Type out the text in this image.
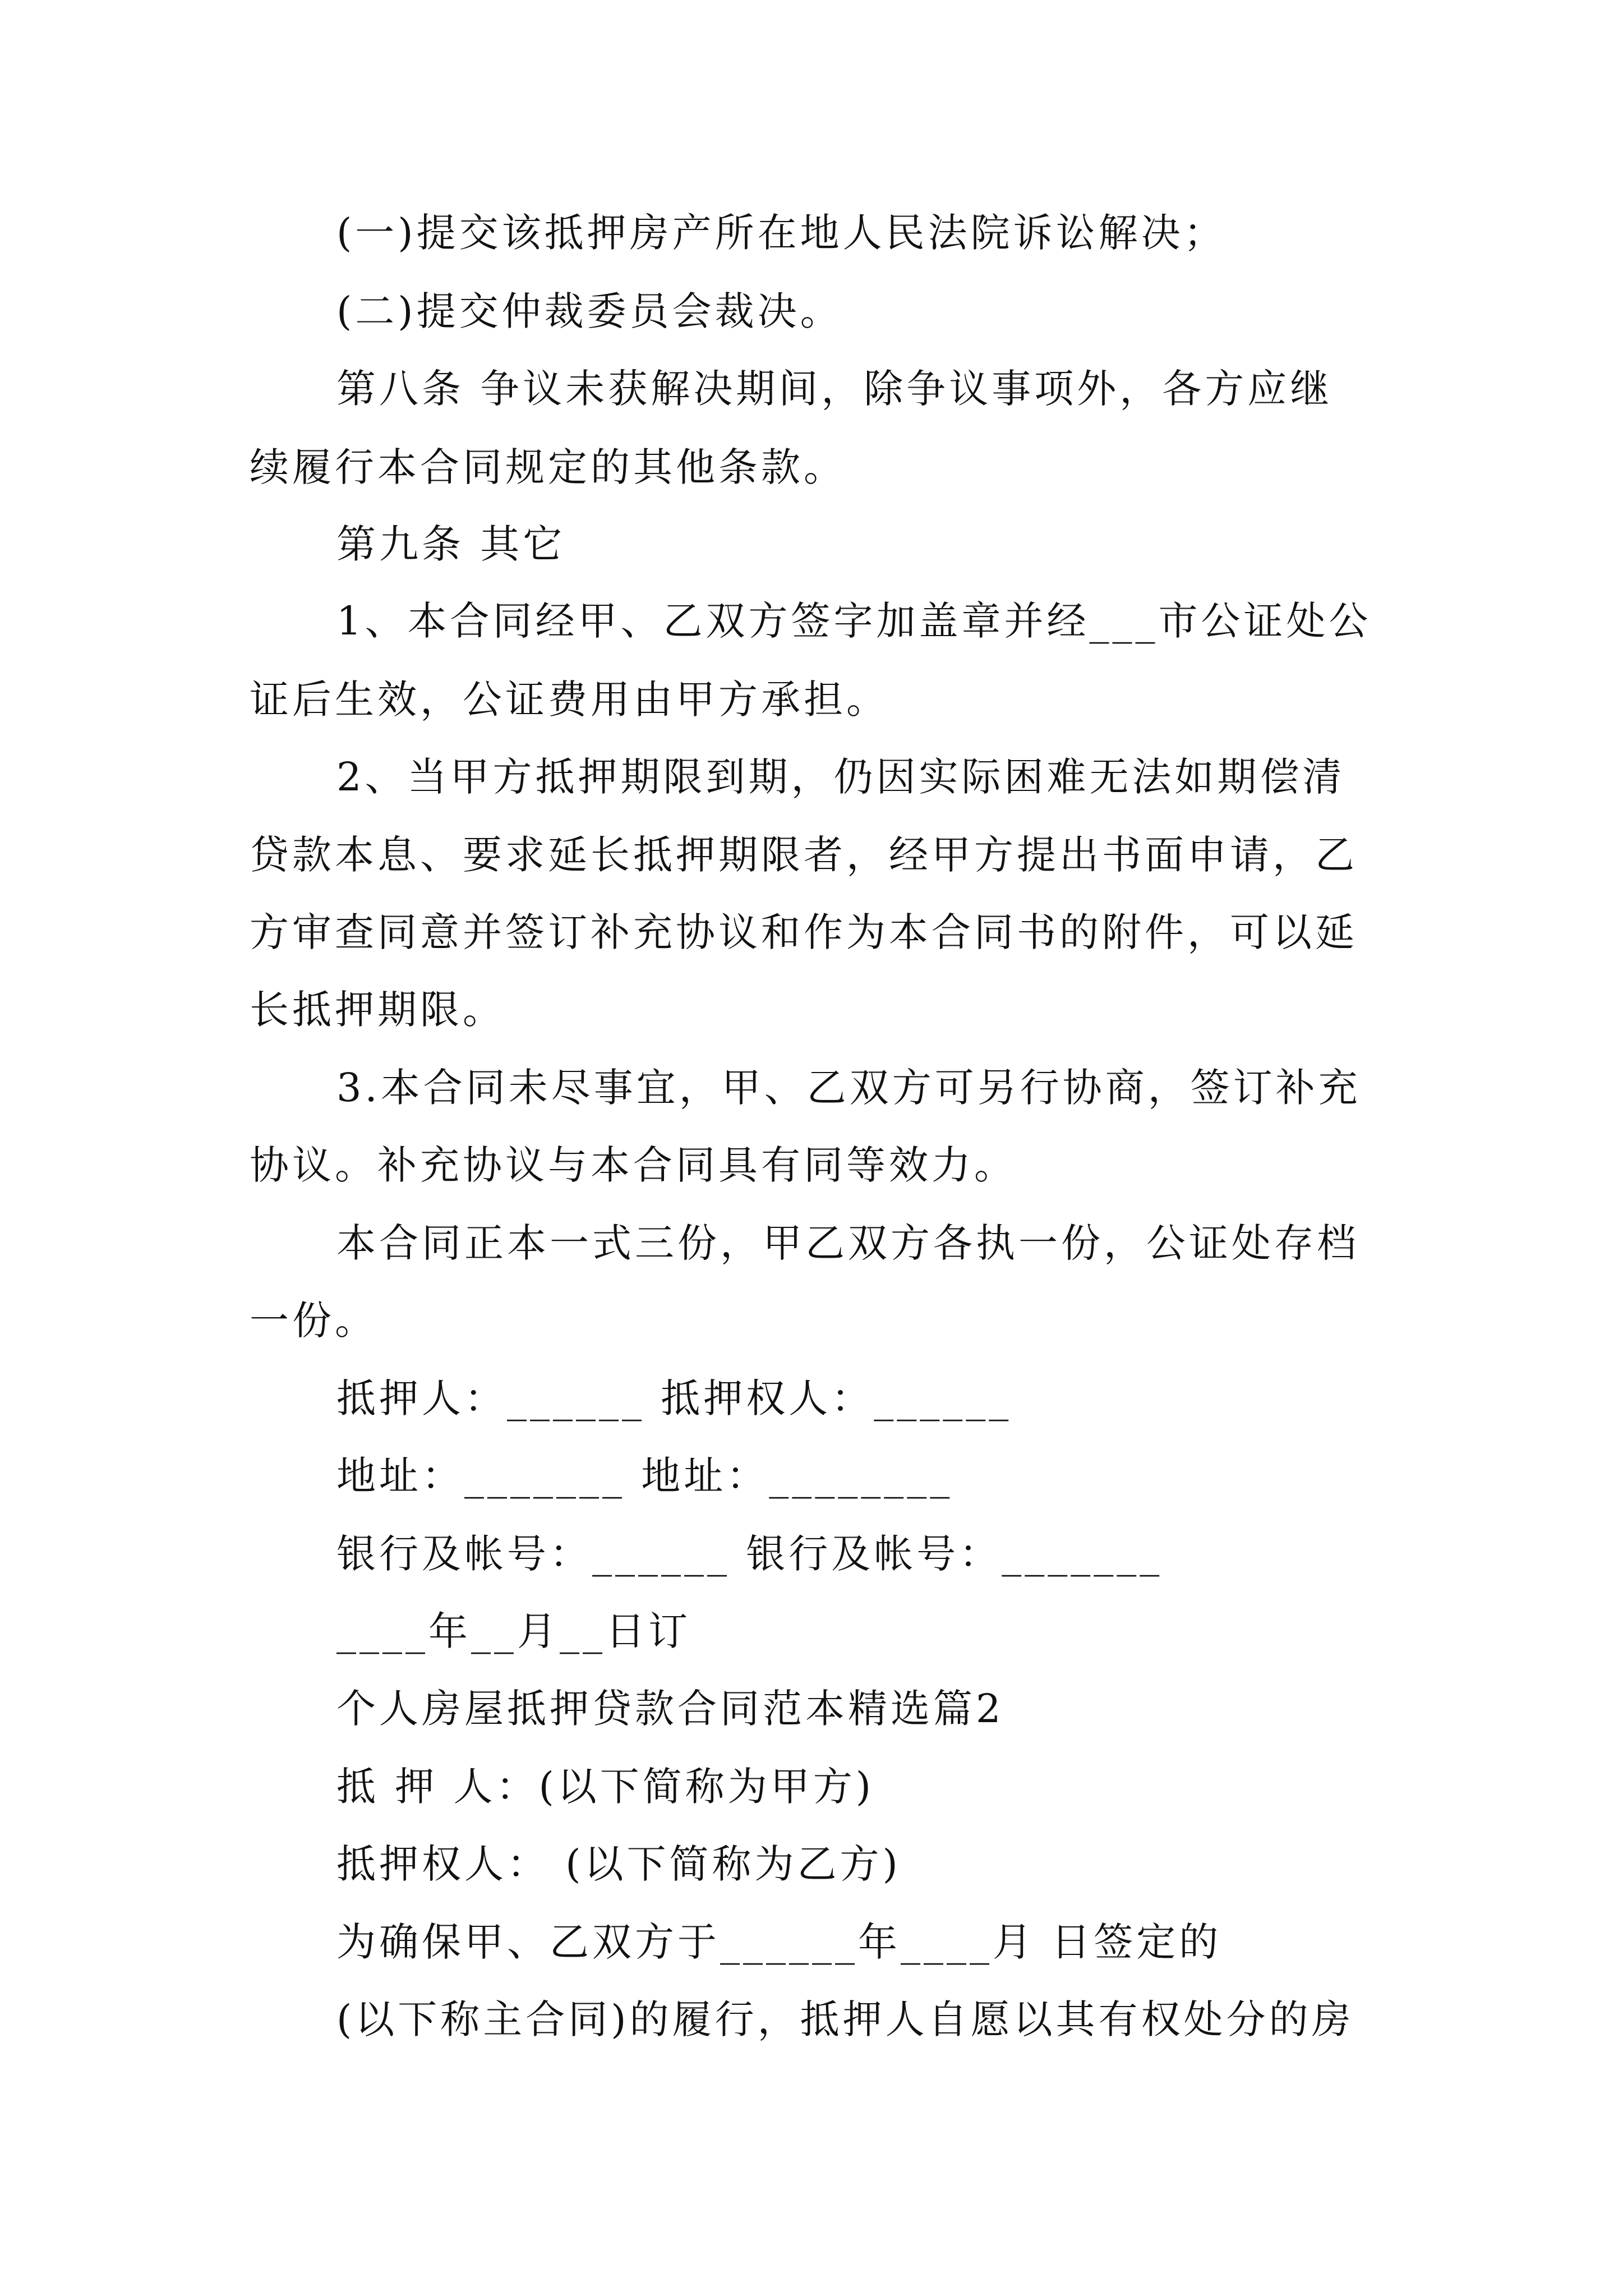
(一)提交该抵押房产所在地人民法院诉讼解决；
(二)提交仲裁委员会裁决。
第八条 争议未获解决期间，除争议事项外，各方应继
续履行本合同规定的其他条款。
第九条 其它
1、本合同经甲、乙双方签字加盖章并经___市公证处公
证后生效，公证费用由甲方承担。
2、当甲方抵押期限到期，仍因实际困难无法如期偿清
贷款本息、要求延长抵押期限者，经甲方提出书面申请，乙
方审查同意并签订补充协议和作为本合同书的附件，可以延
长抵押期限。
3.本合同未尽事宜，甲、乙双方可另行协商，签订补充
协议。补充协议与本合同具有同等效力。
本合同正本一式三份，甲乙双方各执一份，公证处存档
一份。
抵押人：______ 抵押权人：______
地址：_______ 地址：________
银行及帐号：______ 银行及帐号：_______
____年__月__日订
个人房屋抵押贷款合同范本精选篇2
抵 押 人：(以下简称为甲方)
抵押权人： (以下简称为乙方)
为确保甲、乙双方于______年____月 日签定的
(以下称主合同)的履行，抵押人自愿以其有权处分的房
